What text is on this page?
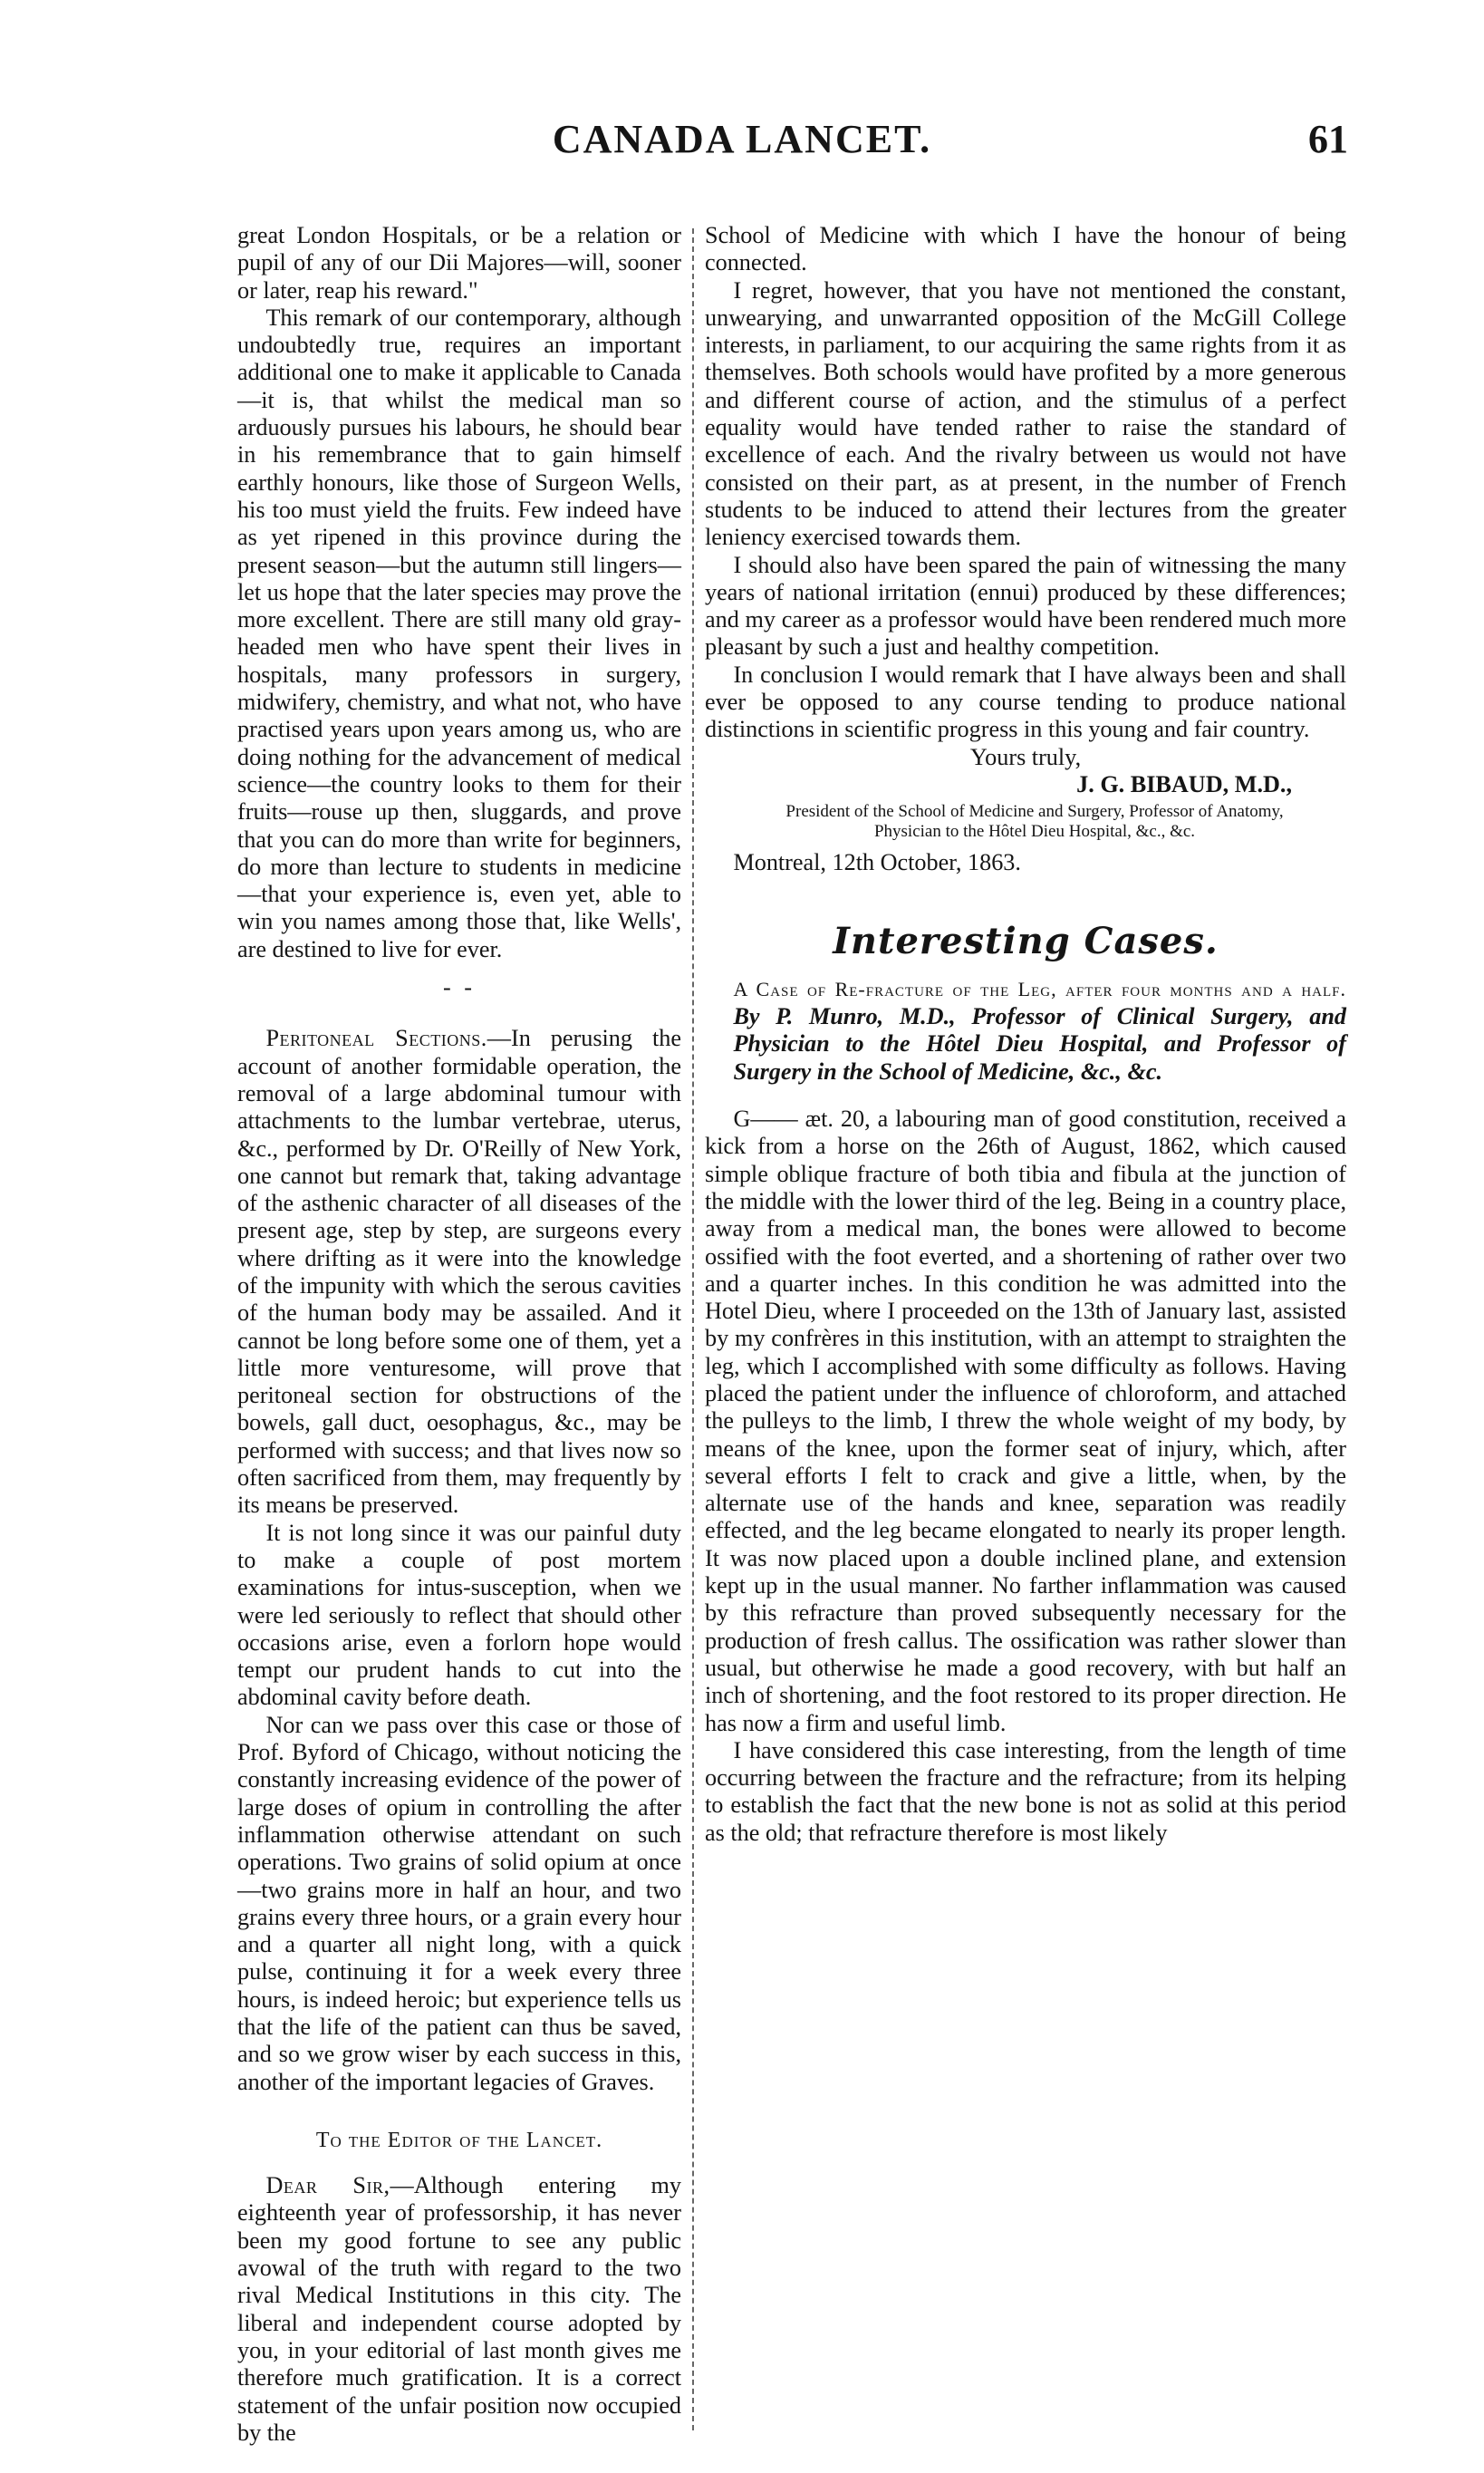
CANADA LANCET.	61

great London Hospitals, or be a relation or pupil of any of our Dii Majores—will, sooner or later, reap his reward."

This remark of our contemporary, although undoubtedly true, requires an important additional one to make it applicable to Canada—it is, that whilst the medical man so arduously pursues his labours, he should bear in his remembrance that to gain himself earthly honours, like those of Surgeon Wells, his too must yield the fruits. Few indeed have as yet ripened in this province during the present season—but the autumn still lingers—let us hope that the later species may prove the more excellent. There are still many old gray-headed men who have spent their lives in hospitals, many professors in surgery, midwifery, chemistry, and what not, who have practised years upon years among us, who are doing nothing for the advancement of medical science—the country looks to them for their fruits—rouse up then, sluggards, and prove that you can do more than write for beginners, do more than lecture to students in medicine—that your experience is, even yet, able to win you names among those that, like Wells', are destined to live for ever.

- -

Peritoneal Sections.—In perusing the account of another formidable operation, the removal of a large abdominal tumour with attachments to the lumbar vertebrae, uterus, &c., performed by Dr. O'Reilly of New York, one cannot but remark that, taking advantage of the asthenic character of all diseases of the present age, step by step, are surgeons every where drifting as it were into the knowledge of the impunity with which the serous cavities of the human body may be assailed. And it cannot be long before some one of them, yet a little more venturesome, will prove that peritoneal section for obstructions of the bowels, gall duct, oesophagus, &c., may be performed with success; and that lives now so often sacrificed from them, may frequently by its means be preserved.

It is not long since it was our painful duty to make a couple of post mortem examinations for intus-susception, when we were led seriously to reflect that should other occasions arise, even a forlorn hope would tempt our prudent hands to cut into the abdominal cavity before death.

Nor can we pass over this case or those of Prof. Byford of Chicago, without noticing the constantly increasing evidence of the power of large doses of opium in controlling the after inflammation otherwise attendant on such operations. Two grains of solid opium at once—two grains more in half an hour, and two grains every three hours, or a grain every hour and a quarter all night long, with a quick pulse, continuing it for a week every three hours, is indeed heroic; but experience tells us that the life of the patient can thus be saved, and so we grow wiser by each success in this, another of the important legacies of Graves.

To the Editor of the Lancet.

Dear Sir,—Although entering my eighteenth year of professorship, it has never been my good fortune to see any public avowal of the truth with regard to the two rival Medical Institutions in this city. The liberal and independent course adopted by you, in your editorial of last month gives me therefore much gratification. It is a correct statement of the unfair position now occupied by the

School of Medicine with which I have the honour of being connected.

I regret, however, that you have not mentioned the constant, unwearying, and unwarranted opposition of the McGill College interests, in parliament, to our acquiring the same rights from it as themselves. Both schools would have profited by a more generous and different course of action, and the stimulus of a perfect equality would have tended rather to raise the standard of excellence of each. And the rivalry between us would not have consisted on their part, as at present, in the number of French students to be induced to attend their lectures from the greater leniency exercised towards them.

I should also have been spared the pain of witnessing the many years of national irritation (ennui) produced by these differences; and my career as a professor would have been rendered much more pleasant by such a just and healthy competition.

In conclusion I would remark that I have always been and shall ever be opposed to any course tending to produce national distinctions in scientific progress in this young and fair country.

Yours truly,

J. G. BIBAUD, M.D.,

President of the School of Medicine and Surgery, Professor of Anatomy, Physician to the Hôtel Dieu Hospital, &c., &c.

Montreal, 12th October, 1863.

Interesting Cases.

A Case of Re-fracture of the Leg, after four months and a half. By P. Munro, M.D., Professor of Clinical Surgery, and Physician to the Hôtel Dieu Hospital, and Professor of Surgery in the School of Medicine, &c., &c.

G—— æt. 20, a labouring man of good constitution, received a kick from a horse on the 26th of August, 1862, which caused simple oblique fracture of both tibia and fibula at the junction of the middle with the lower third of the leg. Being in a country place, away from a medical man, the bones were allowed to become ossified with the foot everted, and a shortening of rather over two and a quarter inches. In this condition he was admitted into the Hotel Dieu, where I proceeded on the 13th of January last, assisted by my confrères in this institution, with an attempt to straighten the leg, which I accomplished with some difficulty as follows. Having placed the patient under the influence of chloroform, and attached the pulleys to the limb, I threw the whole weight of my body, by means of the knee, upon the former seat of injury, which, after several efforts I felt to crack and give a little, when, by the alternate use of the hands and knee, separation was readily effected, and the leg became elongated to nearly its proper length. It was now placed upon a double inclined plane, and extension kept up in the usual manner. No farther inflammation was caused by this refracture than proved subsequently necessary for the production of fresh callus. The ossification was rather slower than usual, but otherwise he made a good recovery, with but half an inch of shortening, and the foot restored to its proper direction. He has now a firm and useful limb.

I have considered this case interesting, from the length of time occurring between the fracture and the refracture; from its helping to establish the fact that the new bone is not as solid at this period as the old; that refracture therefore is most likely
